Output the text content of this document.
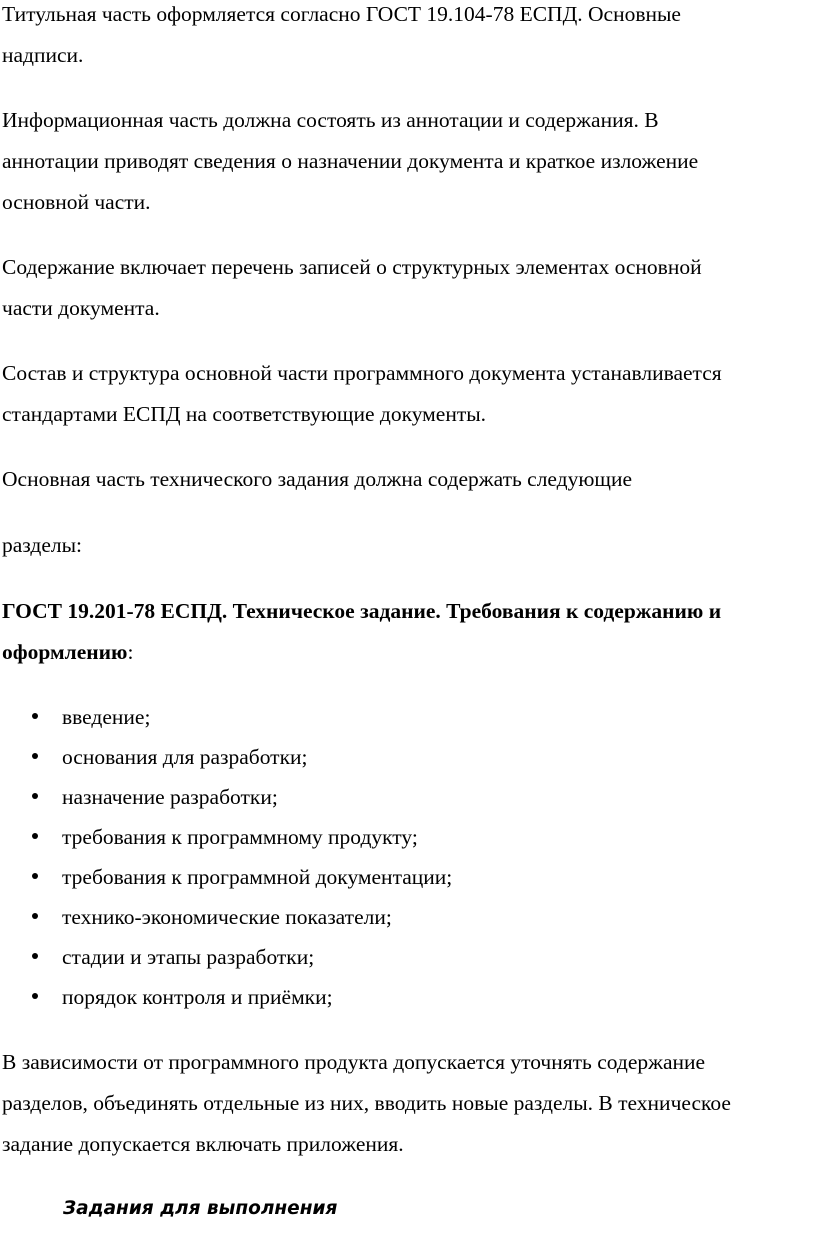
Титульная часть оформляется согласно ГОСТ 19.104-78 ЕСПД. Основные

надписи.

Информационная часть должна состоять из аннотации и содержания. В

аннотации приводят сведения о назначении документа и краткое изложение

основной части.

Содержание включает перечень записей о структурных элементах основной

части документа.

Состав и структура основной части программного документа устанавливается

стандартами ЕСПД на соответствующие документы.

Основная часть технического задания должна содержать следующие

разделы:

ГОСТ 19.201-78 ЕСПД. Техническое задание. Требования к содержанию и

оформлению:

введение;
основания для разработки;
назначение разработки;
требования к программному продукту;
требования к программной документации;
технико-экономические показатели;
стадии и этапы разработки;
порядок контроля и приёмки;

В зависимости от программного продукта допускается уточнять содержание

разделов, объединять отдельные из них, вводить новые разделы. В техническое

задание допускается включать приложения.

Задания для выполнения
